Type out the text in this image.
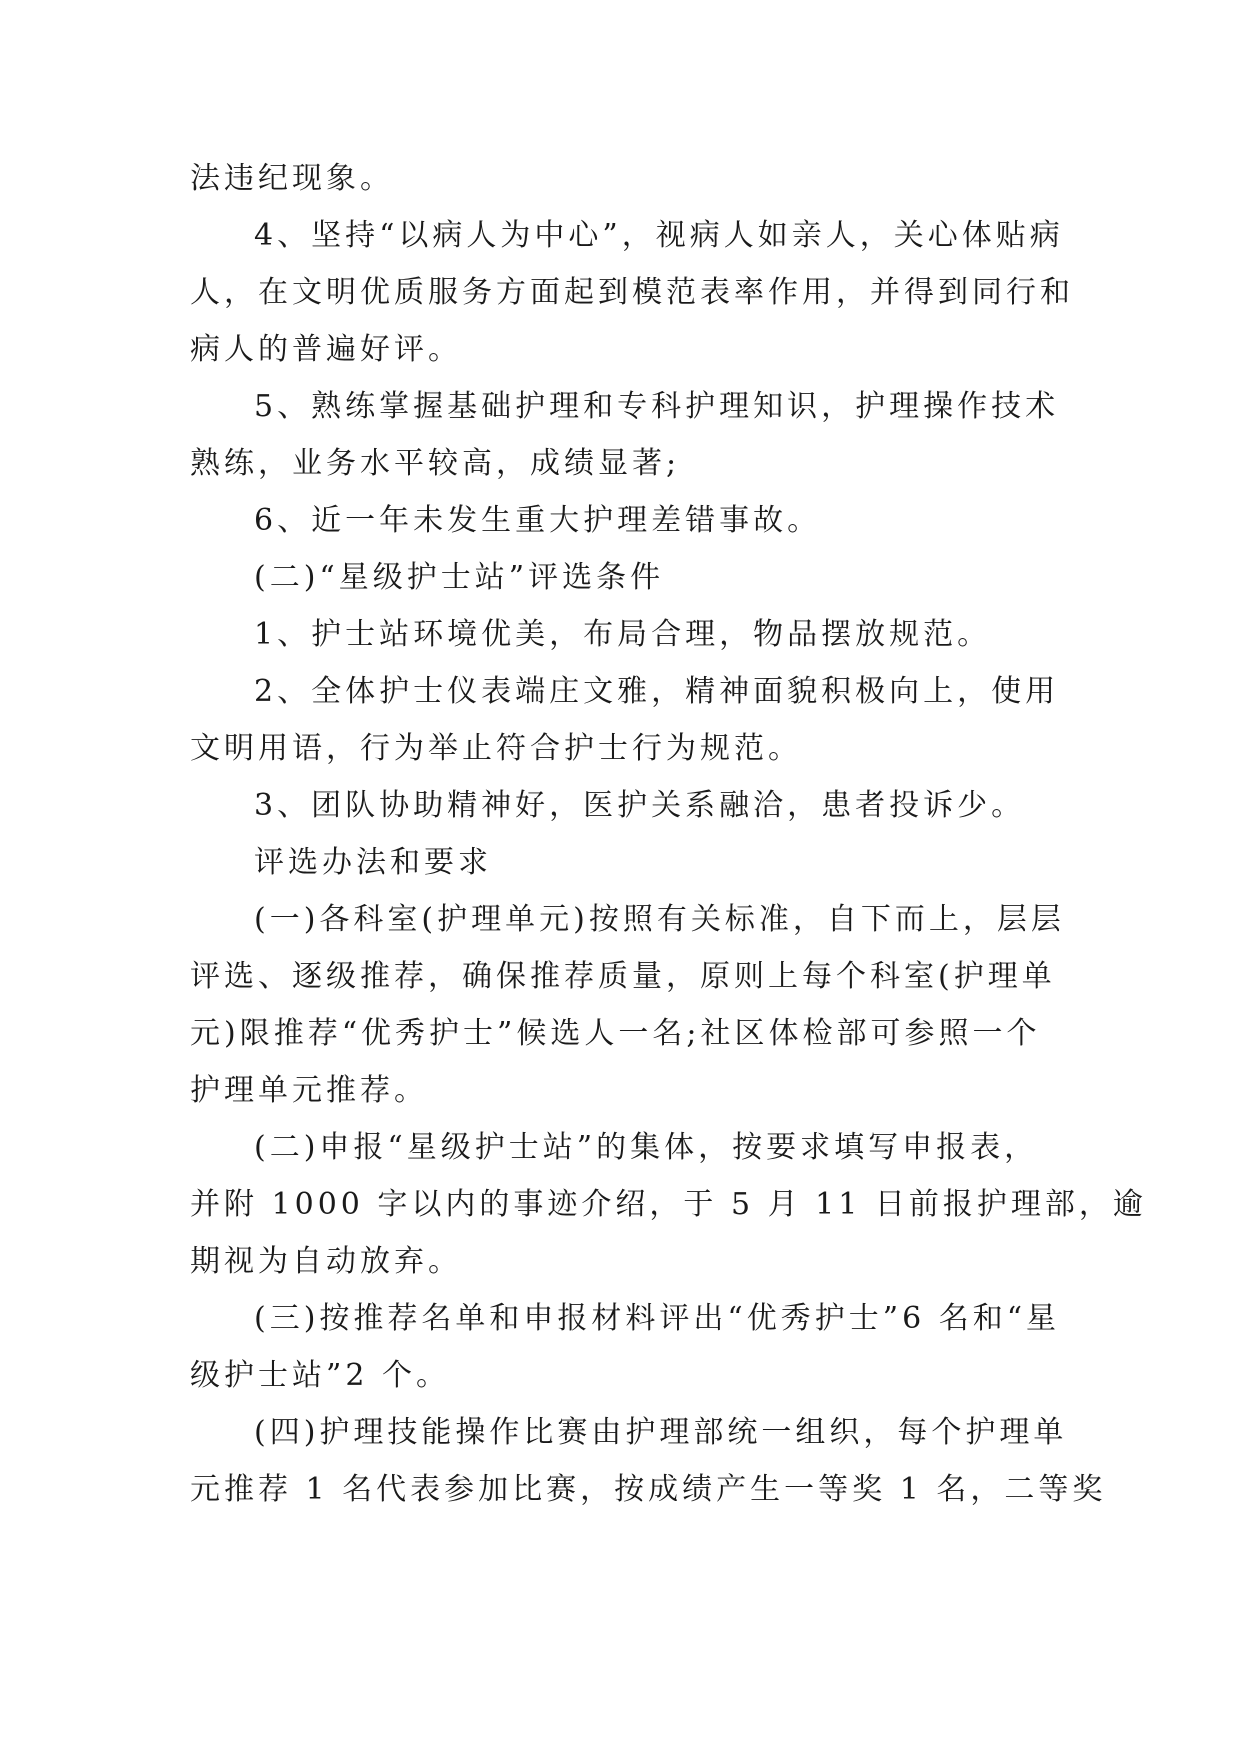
法违纪现象。
4、坚持“以病人为中心”，视病人如亲人，关心体贴病
人，在文明优质服务方面起到模范表率作用，并得到同行和
病人的普遍好评。
5、熟练掌握基础护理和专科护理知识，护理操作技术
熟练，业务水平较高，成绩显著;
6、近一年未发生重大护理差错事故。
(二)“星级护士站”评选条件
1、护士站环境优美，布局合理，物品摆放规范。
2、全体护士仪表端庄文雅，精神面貌积极向上，使用
文明用语，行为举止符合护士行为规范。
3、团队协助精神好，医护关系融洽，患者投诉少。
评选办法和要求
(一)各科室(护理单元)按照有关标准，自下而上，层层
评选、逐级推荐，确保推荐质量，原则上每个科室(护理单
元)限推荐“优秀护士”候选人一名;社区体检部可参照一个
护理单元推荐。
(二)申报“星级护士站”的集体，按要求填写申报表，
并附 1000 字以内的事迹介绍，于 5 月 11 日前报护理部，逾
期视为自动放弃。
(三)按推荐名单和申报材料评出“优秀护士”6 名和“星
级护士站”2 个。
(四)护理技能操作比赛由护理部统一组织，每个护理单
元推荐 1 名代表参加比赛，按成绩产生一等奖 1 名，二等奖
